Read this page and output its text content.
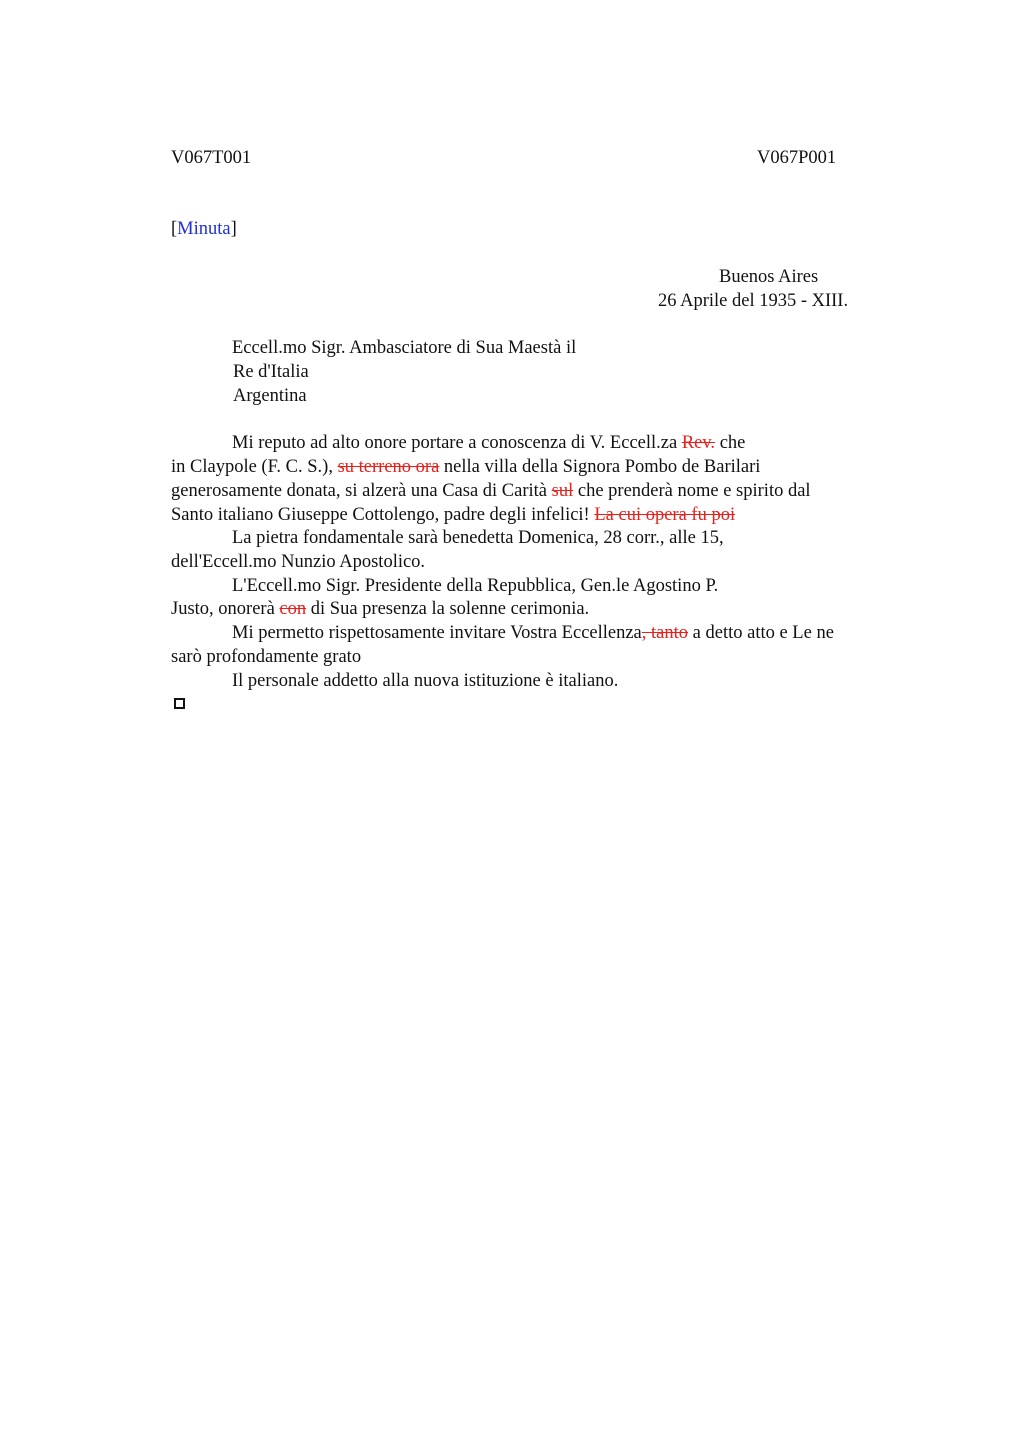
V067T001	V067P001
[Minuta]
Buenos Aires
26 Aprile del 1935 - XIII.
Eccell.mo Sigr. Ambasciatore di Sua Maestà il
Re d'Italia
Argentina
Mi reputo ad alto onore portare a conoscenza di V. Eccell.za Rev. che
in Claypole (F. C. S.), su terreno ora nella villa della Signora Pombo de Barilari
generosamente donata, si alzerà una Casa di Carità sul che prenderà nome e spirito dal
Santo italiano Giuseppe Cottolengo, padre degli infelici! La cui opera fu poi
La pietra fondamentale sarà benedetta Domenica, 28 corr., alle 15,
dell'Eccell.mo Nunzio Apostolico.
L'Eccell.mo Sigr. Presidente della Repubblica, Gen.le Agostino P.
Justo, onorerà con di Sua presenza la solenne cerimonia.
Mi permetto rispettosamente invitare Vostra Eccellenza, tanto a detto atto e Le ne
sarò profondamente grato
Il personale addetto alla nuova istituzione è italiano.
